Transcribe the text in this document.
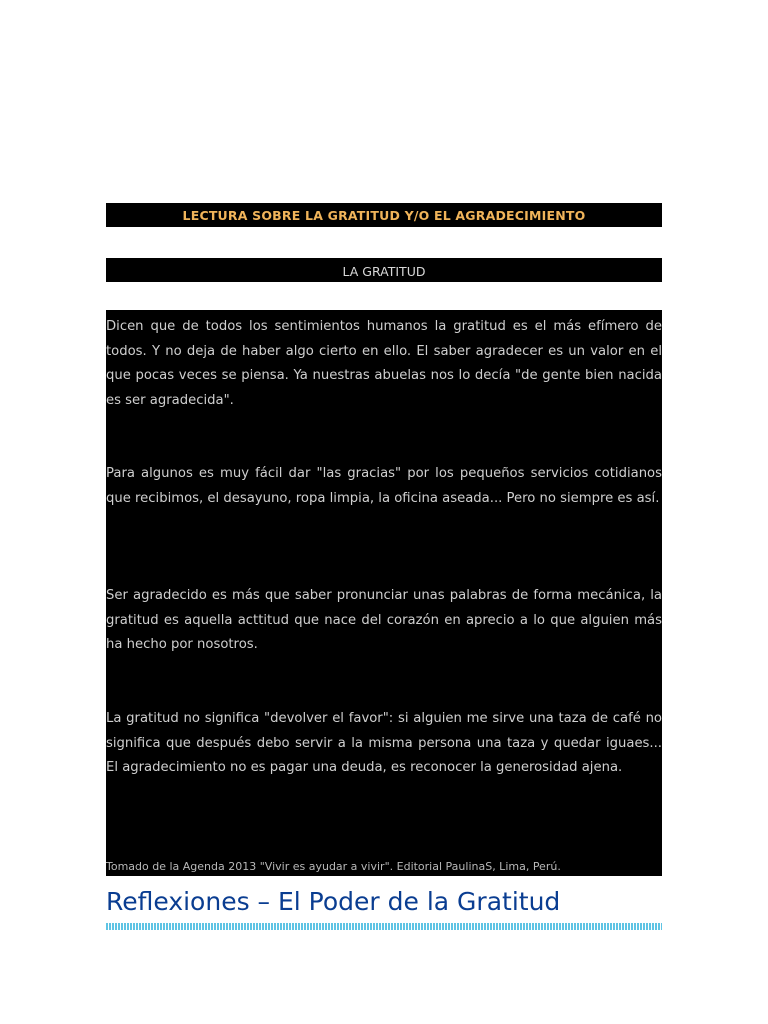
LECTURA SOBRE LA GRATITUD Y/O EL AGRADECIMIENTO
LA GRATITUD

Dicen que de todos los sentimientos humanos la gratitud es el más efímero de todos. Y no deja de haber algo cierto en ello. El saber agradecer es un valor en el que pocas veces se piensa. Ya nuestras abuelas nos lo decía "de gente bien nacida es ser agradecida".

Para algunos es muy fácil dar "las gracias" por los pequeños servicios cotidianos que recibimos, el desayuno, ropa limpia, la oficina aseada... Pero no siempre es así.

Ser agradecido es más que saber pronunciar unas palabras de forma mecánica, la gratitud es aquella acttitud que nace del corazón en aprecio a lo que alguien más ha hecho por nosotros.

La gratitud no significa "devolver el favor": si alguien me sirve una taza de café no significa que después debo servir a la misma persona una taza y quedar iguaes... El agradecimiento no es pagar una deuda, es reconocer la generosidad ajena.

Tomado de la Agenda 2013 "Vivir es ayudar a vivir". Editorial PaulinaS, Lima, Perú.
Reflexiones – El Poder de la Gratitud
